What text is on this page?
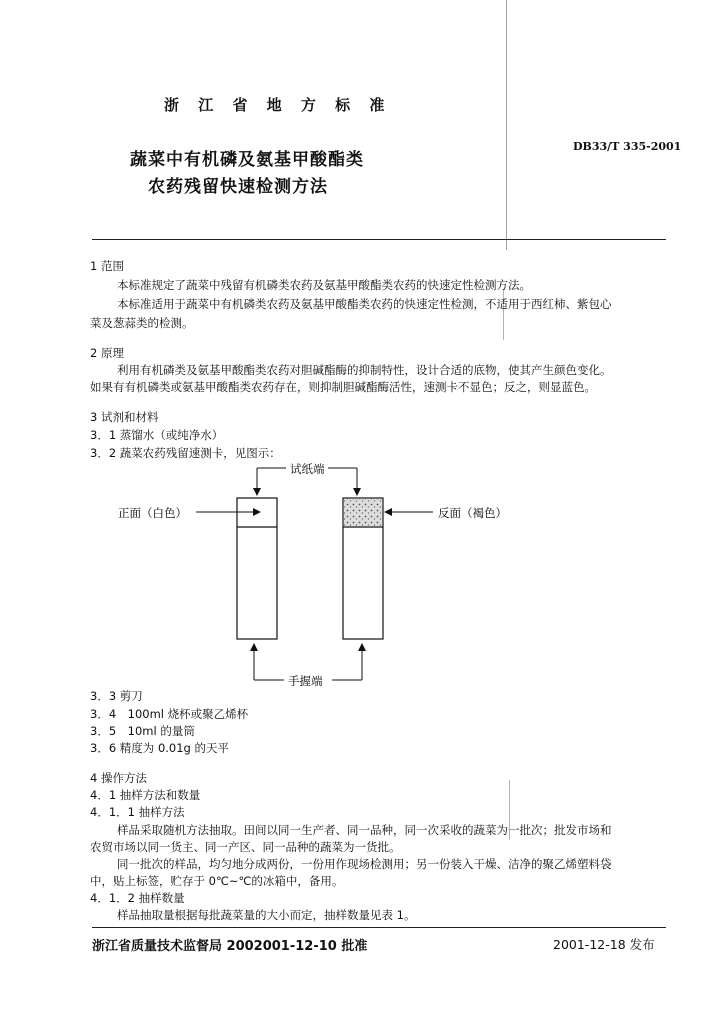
浙 江 省 地 方 标 准
DB33/T 335-2001
蔬菜中有机磷及氨基甲酸酯类
农药残留快速检测方法
1 范围
本标准规定了蔬菜中残留有机磷类农药及氨基甲酸酯类农药的快速定性检测方法。
本标准适用于蔬菜中有机磷类农药及氨基甲酸酯类农药的快速定性检测，不适用于西红柿、紫包心
菜及葱蒜类的检测。
2 原理
利用有机磷类及氨基甲酸酯类农药对胆碱酯酶的抑制特性，设计合适的底物，使其产生颜色变化。
如果有有机磷类或氨基甲酸酯类农药存在，则抑制胆碱酯酶活性，速测卡不显色；反之，则显蓝色。
3 试剂和材料
3．1 蒸馏水（或纯净水）
3．2 蔬菜农药残留速测卡，见图示：
试纸端
正面（白色）	反面（褐色）
手握端
3．3 剪刀
3．4　100ml 烧杯或聚乙烯杯
3．5　10ml 的量筒
3．6 精度为 0.01g 的天平
4 操作方法
4．1 抽样方法和数量
4．1．1 抽样方法
样品采取随机方法抽取。田间以同一生产者、同一品种，同一次采收的蔬菜为一批次；批发市场和
农贸市场以同一货主、同一产区、同一品种的蔬菜为一货批。
同一批次的样品，均匀地分成两份，一份用作现场检测用；另一份装入干燥、洁净的聚乙烯塑料袋
中，贴上标签，贮存于 0℃~℃的冰箱中，备用。
4．1．2 抽样数量
样品抽取量根据每批蔬菜量的大小而定，抽样数量见表 1。
浙江省质量技术监督局 2002001-12-10 批准	2001-12-18 发布
